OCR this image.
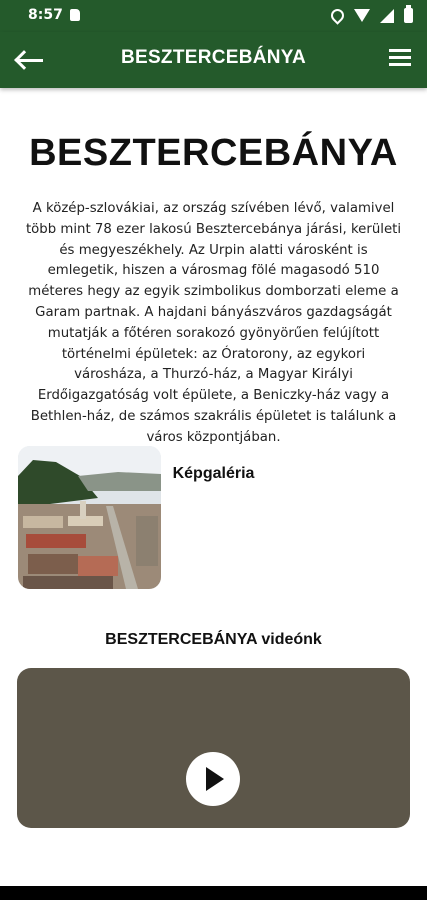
8:57
BESZTERCEBÁNYA
BESZTERCEBÁNYA

A közép-szlovákiai, az ország szívében lévő, valamivel több mint 78 ezer lakosú Besztercebánya járási, kerületi és megyeszékhely. Az Urpin alatti városként is emlegetik, hiszen a városmag fölé magasodó 510 méteres hegy az egyik szimbolikus domborzati eleme a Garam partnak. A hajdani bányászváros gazdagságát mutatják a főtéren sorakozó gyönyörűen felújított történelmi épületek: az Óratorony, az egykori városháza, a Thurzó-ház, a Magyar Királyi Erdőigazgatóság volt épülete, a Beniczky-ház vagy a Bethlen-ház, de számos szakrális épületet is találunk a város központjában.

Képgaléria
BESZTERCEBÁNYA videónk
